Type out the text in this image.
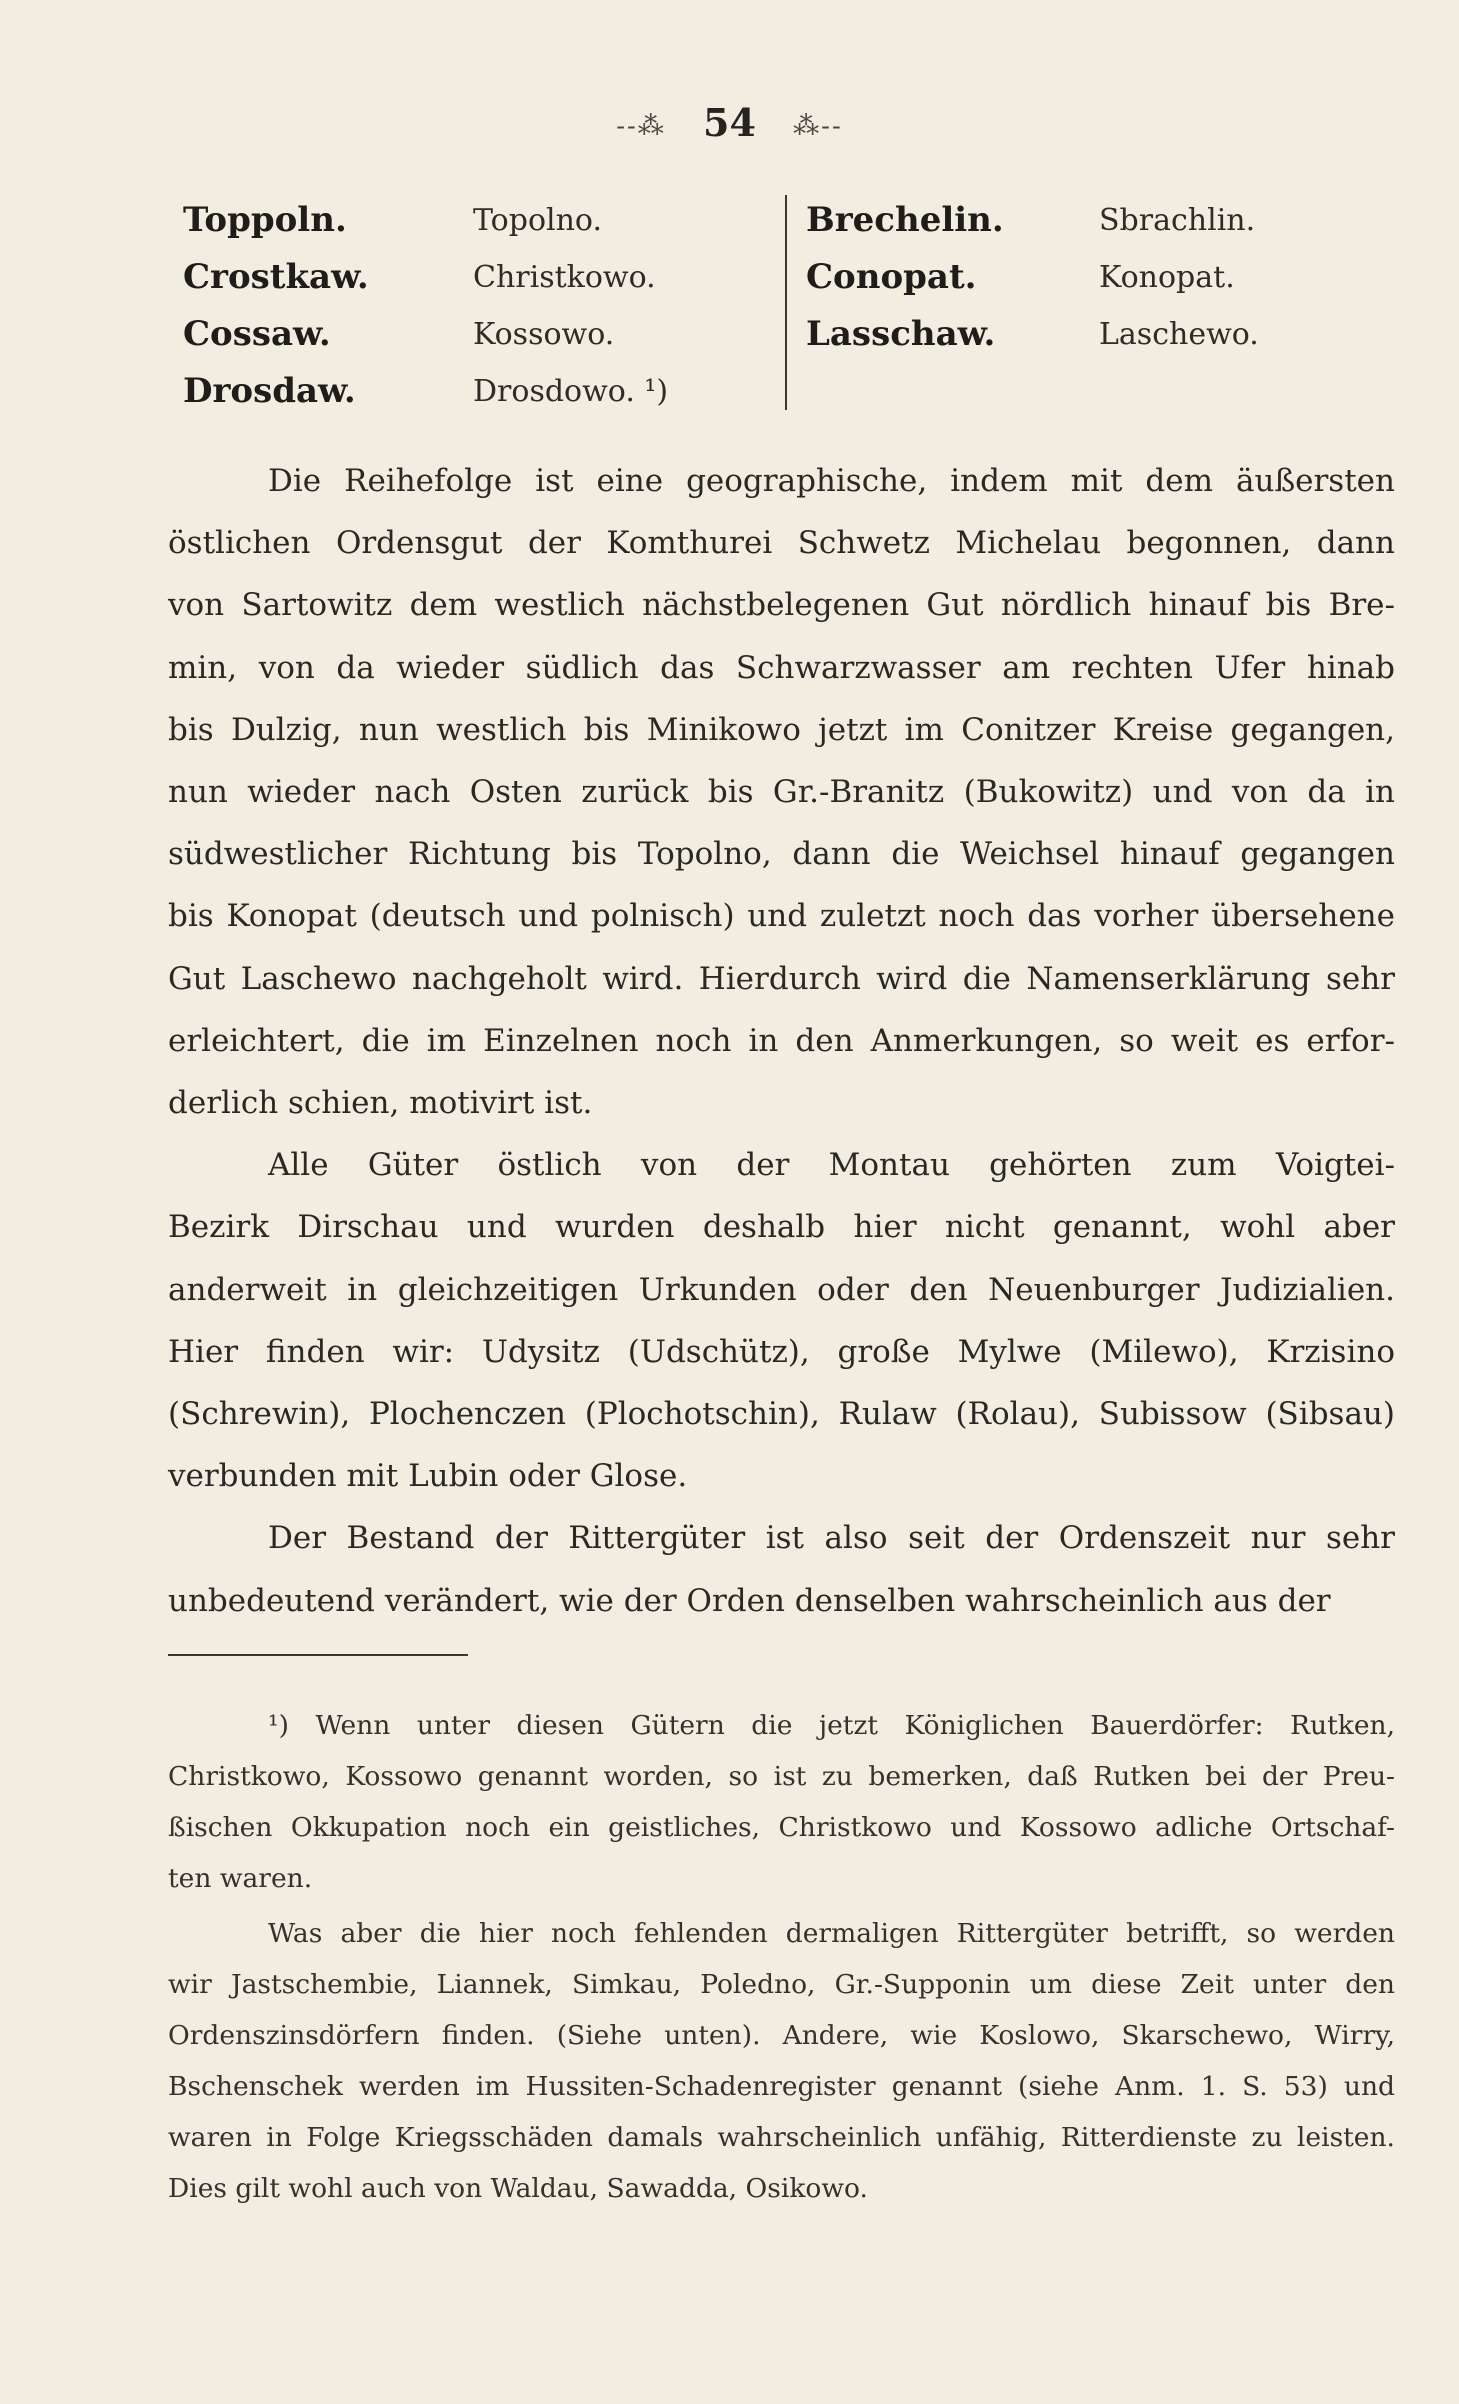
--⁂ 54 ⁂--
Toppoln.
Crostkaw.
Cossaw.
Drosdaw.
Topolno.
Christkowo.
Kossowo.
Drosdowo. ¹)
Brechelin.
Conopat.
Lasschaw.
Sbrachlin.
Konopat.
Laschewo.

Die Reihefolge ist eine geographische, indem mit dem äußersten
östlichen Ordensgut der Komthurei Schwetz Michelau begonnen, dann
von Sartowitz dem westlich nächstbelegenen Gut nördlich hinauf bis Bre-
min, von da wieder südlich das Schwarzwasser am rechten Ufer hinab
bis Dulzig, nun westlich bis Minikowo jetzt im Conitzer Kreise gegangen,
nun wieder nach Osten zurück bis Gr.-Branitz (Bukowitz) und von da in
südwestlicher Richtung bis Topolno, dann die Weichsel hinauf gegangen
bis Konopat (deutsch und polnisch) und zuletzt noch das vorher übersehene
Gut Laschewo nachgeholt wird. Hierdurch wird die Namenserklärung sehr
erleichtert, die im Einzelnen noch in den Anmerkungen, so weit es erfor-
derlich schien, motivirt ist.

Alle Güter östlich von der Montau gehörten zum Voigtei-
Bezirk Dirschau und wurden deshalb hier nicht genannt, wohl aber
anderweit in gleichzeitigen Urkunden oder den Neuenburger Judizialien.
Hier finden wir: Udysitz (Udschütz), große Mylwe (Milewo), Krzisino
(Schrewin), Plochenczen (Plochotschin), Rulaw (Rolau), Subissow (Sibsau)
verbunden mit Lubin oder Glose.

Der Bestand der Rittergüter ist also seit der Ordenszeit nur sehr
unbedeutend verändert, wie der Orden denselben wahrscheinlich aus der

¹) Wenn unter diesen Gütern die jetzt Königlichen Bauerdörfer: Rutken,
Christkowo, Kossowo genannt worden, so ist zu bemerken, daß Rutken bei der Preu-
ßischen Okkupation noch ein geistliches, Christkowo und Kossowo adliche Ortschaf-
ten waren.

Was aber die hier noch fehlenden dermaligen Rittergüter betrifft, so werden
wir Jastschembie, Liannek, Simkau, Poledno, Gr.-Supponin um diese Zeit unter den
Ordenszinsdörfern finden. (Siehe unten). Andere, wie Koslowo, Skarschewo, Wirry,
Bschenschek werden im Hussiten-Schadenregister genannt (siehe Anm. 1. S. 53) und
waren in Folge Kriegsschäden damals wahrscheinlich unfähig, Ritterdienste zu leisten.
Dies gilt wohl auch von Waldau, Sawadda, Osikowo.
